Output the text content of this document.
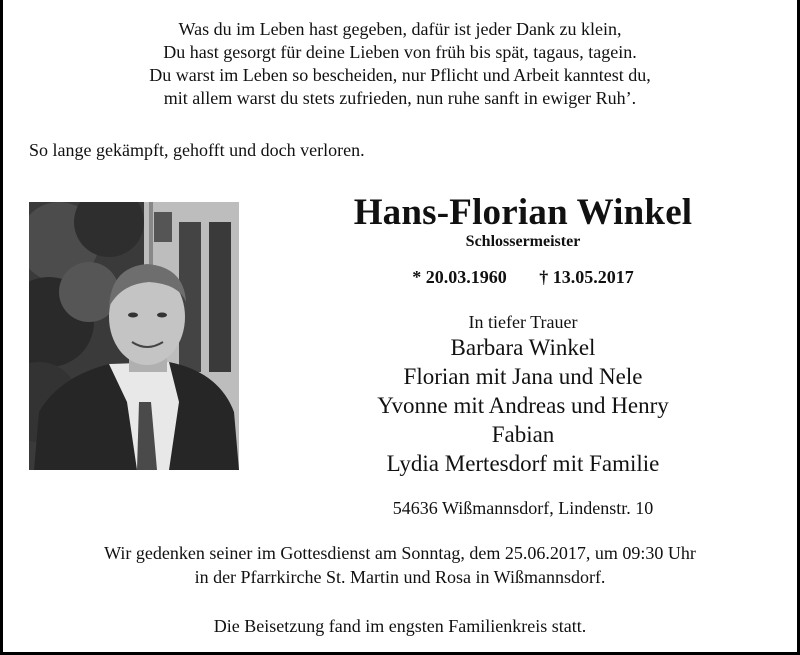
Was du im Leben hast gegeben, dafür ist jeder Dank zu klein,
Du hast gesorgt für deine Lieben von früh bis spät, tagaus, tagein.
Du warst im Leben so bescheiden, nur Pflicht und Arbeit kanntest du,
mit allem warst du stets zufrieden, nun ruhe sanft in ewiger Ruh’.
So lange gekämpft, gehofft und doch verloren.
Hans-Florian Winkel
Schlossermeister
* 20.03.1960 † 13.05.2017
In tiefer Trauer
Barbara Winkel
Florian mit Jana und Nele
Yvonne mit Andreas und Henry
Fabian
Lydia Mertesdorf mit Familie
54636 Wißmannsdorf, Lindenstr. 10
Wir gedenken seiner im Gottesdienst am Sonntag, dem 25.06.2017, um 09:30 Uhr
in der Pfarrkirche St. Martin und Rosa in Wißmannsdorf.
Die Beisetzung fand im engsten Familienkreis statt.
